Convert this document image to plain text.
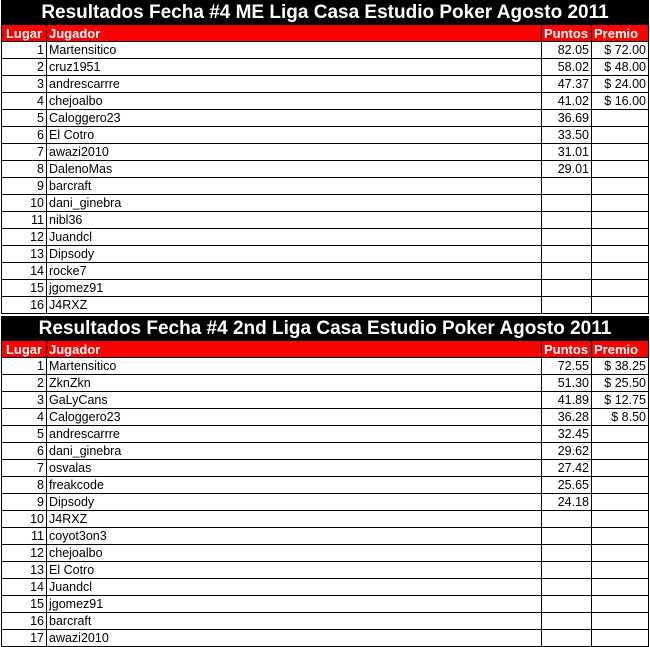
Resultados Fecha #4 ME Liga Casa Estudio Poker Agosto 2011
Lugar	Jugador	Puntos	Premio
1	Martensitico	82.05	$ 72.00
2	cruz1951	58.02	$ 48.00
3	andrescarrre	47.37	$ 24.00
4	chejoalbo	41.02	$ 16.00
5	Caloggero23	36.69	
6	El Cotro	33.50	
7	awazi2010	31.01	
8	DalenoMas	29.01	
9	barcraft		
10	dani_ginebra		
11	nibl36		
12	Juandcl		
13	Dipsody		
14	rocke7		
15	jgomez91		
16	J4RXZ		
Resultados Fecha #4 2nd Liga Casa Estudio Poker Agosto 2011
Lugar	Jugador	Puntos	Premio
1	Martensitico	72.55	$ 38.25
2	ZknZkn	51.30	$ 25.50
3	GaLyCans	41.89	$ 12.75
4	Caloggero23	36.28	$ 8.50
5	andrescarrre	32.45	
6	dani_ginebra	29.62	
7	osvalas	27.42	
8	freakcode	25.65	
9	Dipsody	24.18	
10	J4RXZ		
11	coyot3on3		
12	chejoalbo		
13	El Cotro		
14	Juandcl		
15	jgomez91		
16	barcraft		
17	awazi2010		
